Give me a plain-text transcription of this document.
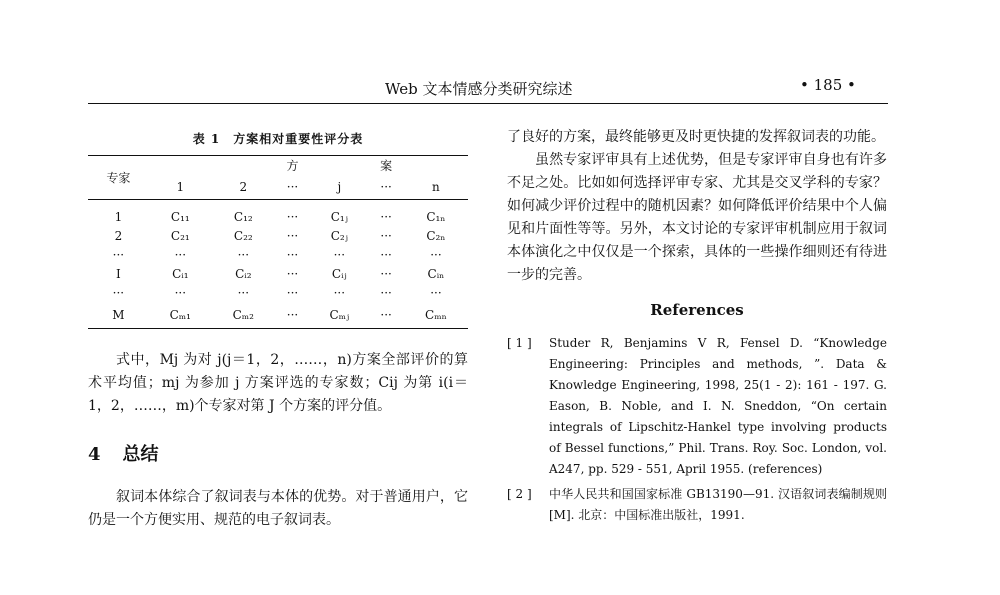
Web 文本情感分类研究综述	• 185 •
表 1　方案相对重要性评分表
专家			方		案	
	1	2	···	j	···	n
1	C₁₁	C₁₂	···	C₁ⱼ	···	C₁ₙ
2	C₂₁	C₂₂	···	C₂ⱼ	···	C₂ₙ
···	···	···	···	···	···	···
I	Cᵢ₁	Cᵢ₂	···	Cᵢⱼ	···	Cᵢₙ
···	···	···	···	···	···	···
M	Cₘ₁	Cₘ₂	···	Cₘⱼ	···	Cₘₙ

式中，Mj 为对 j(j＝1，2，……，n)方案全部评价的算术平均值；mj 为参加 j 方案评选的专家数；Cij 为第 i(i＝1，2，……，m)个专家对第 J 个方案的评分值。

4 总结

叙词本体综合了叙词表与本体的优势。对于普通用户，它仍是一个方便实用、规范的电子叙词表。

了良好的方案，最终能够更及时更快捷的发挥叙词表的功能。

虽然专家评审具有上述优势，但是专家评审自身也有许多不足之处。比如如何选择评审专家、尤其是交叉学科的专家？如何减少评价过程中的随机因素？如何降低评价结果中个人偏见和片面性等等。另外，本文讨论的专家评审机制应用于叙词本体演化之中仅仅是一个探索，具体的一些操作细则还有待进一步的完善。

References
[ 1 ]	Studer R, Benjamins V R, Fensel D. “Knowledge Engineering: Principles and methods, ”. Data & Knowledge Engineering, 1998, 25(1 - 2): 161 - 197. G. Eason, B. Noble, and I. N. Sneddon, “On certain integrals of Lipschitz-Hankel type involving products of Bessel functions,” Phil. Trans. Roy. Soc. London, vol. A247, pp. 529 - 551, April 1955. (references)
[ 2 ]	中华人民共和国国家标准 GB13190—91. 汉语叙词表编制规则[M]. 北京：中国标准出版社，1991.
